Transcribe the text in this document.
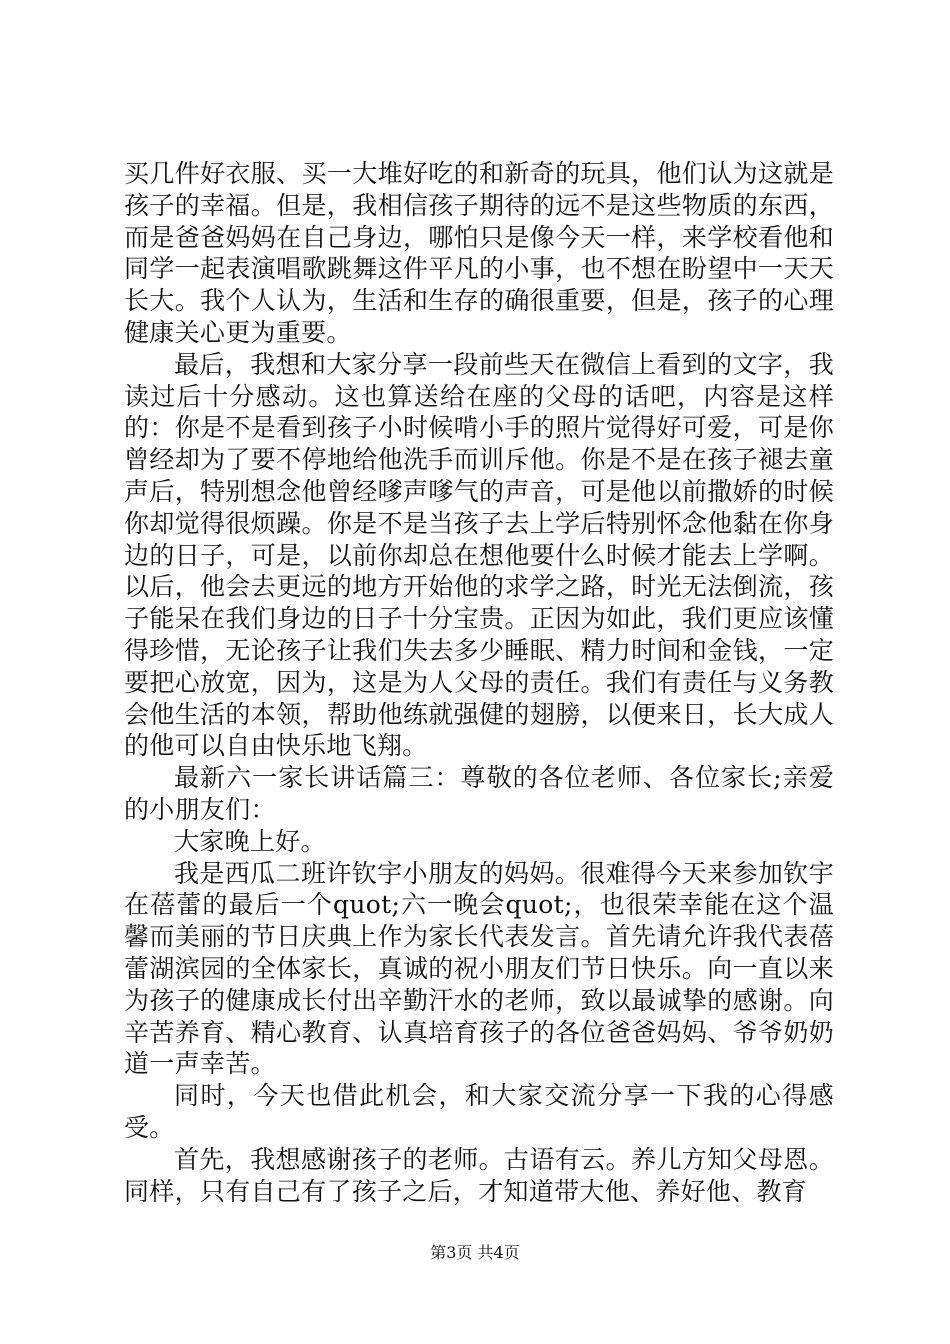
买几件好衣服、买一大堆好吃的和新奇的玩具，他们认为这就是孩子的幸福。但是，我相信孩子期待的远不是这些物质的东西，而是爸爸妈妈在自己身边，哪怕只是像今天一样，来学校看他和同学一起表演唱歌跳舞这件平凡的小事，也不想在盼望中一天天长大。我个人认为，生活和生存的确很重要，但是，孩子的心理健康关心更为重要。

最后，我想和大家分享一段前些天在微信上看到的文字，我读过后十分感动。这也算送给在座的父母的话吧，内容是这样的：你是不是看到孩子小时候啃小手的照片觉得好可爱，可是你曾经却为了要不停地给他洗手而训斥他。你是不是在孩子褪去童声后，特别想念他曾经嗲声嗲气的声音，可是他以前撒娇的时候你却觉得很烦躁。你是不是当孩子去上学后特别怀念他黏在你身边的日子，可是，以前你却总在想他要什么时候才能去上学啊。以后，他会去更远的地方开始他的求学之路，时光无法倒流，孩子能呆在我们身边的日子十分宝贵。正因为如此，我们更应该懂得珍惜，无论孩子让我们失去多少睡眠、精力时间和金钱，一定要把心放宽，因为，这是为人父母的责任。我们有责任与义务教会他生活的本领，帮助他练就强健的翅膀，以便来日，长大成人的他可以自由快乐地飞翔。

最新六一家长讲话篇三：尊敬的各位老师、各位家长;亲爱的小朋友们：

大家晚上好。

我是西瓜二班许钦宇小朋友的妈妈。很难得今天来参加钦宇在蓓蕾的最后一个quot;六一晚会quot;，也很荣幸能在这个温馨而美丽的节日庆典上作为家长代表发言。首先请允许我代表蓓蕾湖滨园的全体家长，真诚的祝小朋友们节日快乐。向一直以来为孩子的健康成长付出辛勤汗水的老师，致以最诚挚的感谢。向辛苦养育、精心教育、认真培育孩子的各位爸爸妈妈、爷爷奶奶道一声幸苦。

同时，今天也借此机会，和大家交流分享一下我的心得感受。

首先，我想感谢孩子的老师。古语有云。养儿方知父母恩。同样，只有自己有了孩子之后，才知道带大他、养好他、教育

第3页 共4页
